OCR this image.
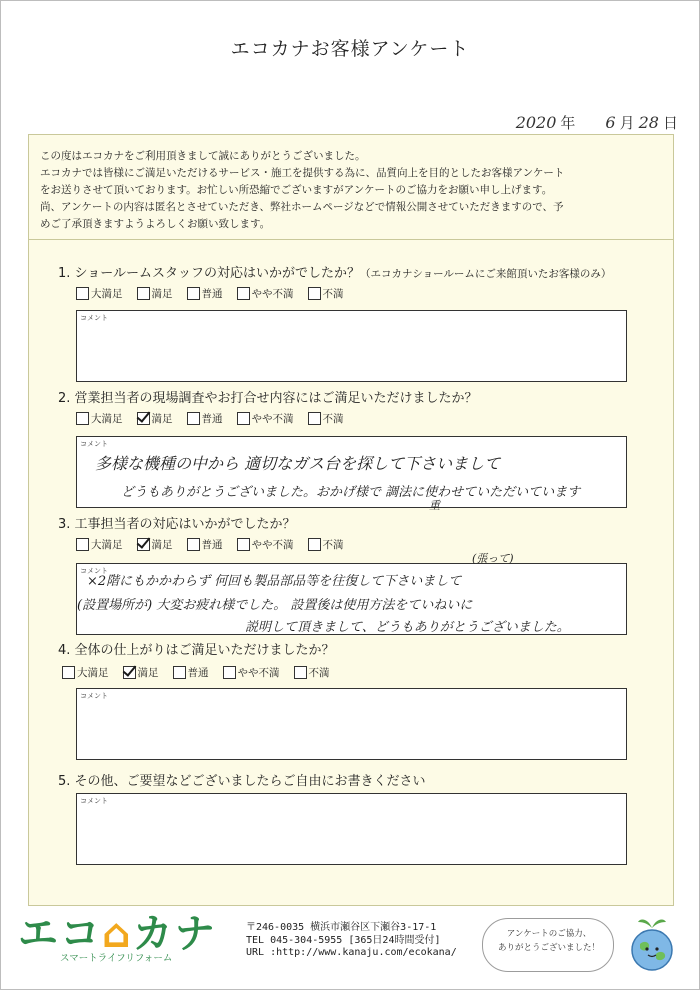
エコカナお客様アンケート
2020 年 6 月 28 日
この度はエコカナをご利用頂きまして誠にありがとうございました。
エコカナでは皆様にご満足いただけるサービス・施工を提供する為に、品質向上を目的としたお客様アンケート
をお送りさせて頂いております。お忙しい所恐縮でございますがアンケートのご協力をお願い申し上げます。
尚、アンケートの内容は匿名とさせていただき、弊社ホームページなどで情報公開させていただきますので、予
めご了承頂きますようよろしくお願い致します。
1. ショールームスタッフの対応はいかがでしたか？（エコカナショールームにご来館頂いたお客様のみ）
大満足	満足	普通	やや不満	不満
コメント
2. 営業担当者の現場調査やお打合せ内容にはご満足いただけましたか？
大満足	満足	普通	やや不満	不満
コメント
多様な機種の中から 適切なガス台を探して下さいまして
どうもありがとうございました。おかげ様で 調法に使わせていただいています
重
3. 工事担当者の対応はいかがでしたか？
大満足	満足	普通	やや不満	不満
コメント
(張って)
×2階にもかかわらず 何回も製品部品等を往復して下さいまして
(設置場所が) 大変お疲れ様でした。 設置後は使用方法をていねいに
説明して頂きまして、どうもありがとうございました。
4. 全体の仕上がりはご満足いただけましたか？
大満足	満足	普通	やや不満	不満
コメント
5. その他、ご要望などございましたらご自由にお書きください
コメント
エコ⌂カナ
スマートライフリフォーム
〒246-0035 横浜市瀬谷区下瀬谷3-17-1
TEL 045-304-5955 [365日24時間受付]
URL :http://www.kanaju.com/ecokana/
アンケートのご協力、
ありがとうございました！
